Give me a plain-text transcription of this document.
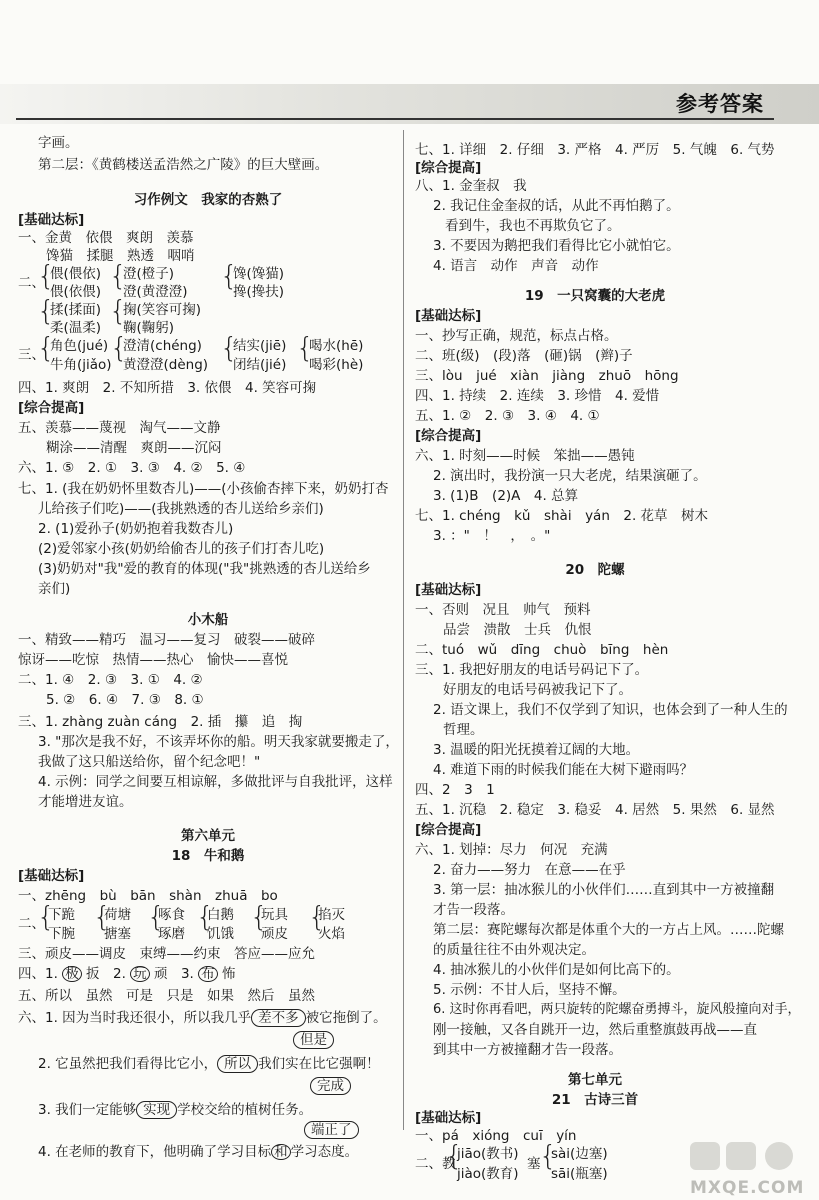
参考答案
字画。
第二层：《黄鹤楼送孟浩然之广陵》的巨大壁画。
习作例文　我家的杏熟了
[基础达标]
一、金黄　依偎　爽朗　羡慕
馋猫　揉腿　熟透　咽哨
偎(偎依) 澄(橙子)	馋(馋猫)
二、
{ {	{
偎(依偎) 澄(黄澄澄)	搀(搀扶)
{ {
揉(揉面) 掬(笑容可掬)
柔(温柔) 鞠(鞠躬)
{ {	{ {
角色(jué) 澄清(chéng) 结实(jiē) 喝水(hē)
三、
牛角(jiǎo) 黄澄澄(dèng) 闭结(jié) 喝彩(hè)
四、1. 爽朗　2. 不知所措　3. 依偎　4. 笑容可掬
[综合提高]
五、羡慕——蔑视　淘气——文静
糊涂——清醒　爽朗——沉闷
六、1. ⑤　2. ①　3. ③　4. ②　5. ④
七、1. (我在奶奶怀里数杏儿)——(小孩偷杏摔下来，奶奶打杏
儿给孩子们吃)——(我挑熟透的杏儿送给乡亲们)
2. (1)爱孙子(奶奶抱着我数杏儿)
(2)爱邻家小孩(奶奶给偷杏儿的孩子们打杏儿吃)
(3)奶奶对"我"爱的教育的体现("我"挑熟透的杏儿送给乡
亲们)
小木船
一、精致——精巧　温习——复习　破裂——破碎
惊讶——吃惊　热情——热心　愉快——喜悦
二、1. ④　2. ③　3. ①　4. ②
5. ②　6. ④　7. ③　8. ①
三、1. zhàng zuàn cáng　2. 插　攥　追　掏
3. "那次是我不好，不该弄坏你的船。明天我家就要搬走了，
我做了这只船送给你，留个纪念吧！"
4. 示例：同学之间要互相谅解，多做批评与自我批评，这样
才能增进友谊。
第六单元
18　牛和鹅
[基础达标]
一、zhēng　bù　bān　shàn　zhuā　bo
{ { { { { {
下跪 荷塘 啄食 白鹅 玩具 掐灭
二、
下腕 搪塞 琢磨 饥饿 顽皮 火焰
三、顽皮——调皮　束缚——约束　答应——应允
四、1. 极 扳　2. 玩 顽　3. 布 怖
五、所以　虽然　可是　只是　如果　然后　虽然
六、1. 因为当时我还很小，所以我几乎 差不多 被它拖倒了。
但是
2. 它虽然把我们看得比它小， 所以 我们实在比它强啊！
完成
3. 我们一定能够 实现 学校交给的植树任务。
端正了
4. 在老师的教育下，他明确了学习目标 和 学习态度。
七、1. 详细　2. 仔细　3. 严格　4. 严厉　5. 气魄　6. 气势
[综合提高]
八、1. 金奎叔　我
2. 我记住金奎叔的话，从此不再怕鹅了。
看到牛，我也不再欺负它了。
3. 不要因为鹅把我们看得比它小就怕它。
4. 语言　动作　声音　动作
19　一只窝囊的大老虎
[基础达标]
一、抄写正确，规范，标点占格。
二、班(级)　(段)落　(砸)锅　(辫)子
三、lòu　jué　xiàn　jiàng　zhuō　hōng
四、1. 持续　2. 连续　3. 珍惜　4. 爱惜
五、1. ②　2. ③　3. ④　4. ①
[综合提高]
六、1. 时刻——时候　笨拙——愚钝
2. 演出时，我扮演一只大老虎，结果演砸了。
3. (1)B　(2)A　4. 总算
七、1. chéng　kǔ　shài　yán　2. 花草　树木
3. ："　！　，　。"
20　陀螺
[基础达标]
一、否则　况且　帅气　预料
品尝　溃散　士兵　仇恨
二、tuó　wǔ　dīng　chuò　bīng　hèn
三、1. 我把好朋友的电话号码记下了。
好朋友的电话号码被我记下了。
2. 语文课上，我们不仅学到了知识，也体会到了一种人生的
哲理。
3. 温暖的阳光抚摸着辽阔的大地。
4. 难道下雨的时候我们能在大树下避雨吗？
四、2　3　1
五、1. 沉稳　2. 稳定　3. 稳妥　4. 居然　5. 果然　6. 显然
[综合提高]
六、1. 划掉：尽力　何况　充满
2. 奋力——努力　在意——在乎
3. 第一层：抽冰猴儿的小伙伴们……直到其中一方被撞翻
才告一段落。
第二层：赛陀螺每次都是体重个大的一方占上风。……陀螺
的质量往往不由外观决定。
4. 抽冰猴儿的小伙伴们是如何比高下的。
5. 示例：不甘人后，坚持不懈。
6. 这时你再看吧，两只旋转的陀螺奋勇搏斗，旋风般撞向对手，
刚一接触，又各自跳开一边，然后重整旗鼓再战——直
到其中一方被撞翻才告一段落。
第七单元
21　古诗三首
[基础达标]
一、pá　xióng　cuī　yín
jiāo(教书) sài(边塞)
二、教
{	塞
{
jiào(教育) sāi(瓶塞)
MXQE.COM
